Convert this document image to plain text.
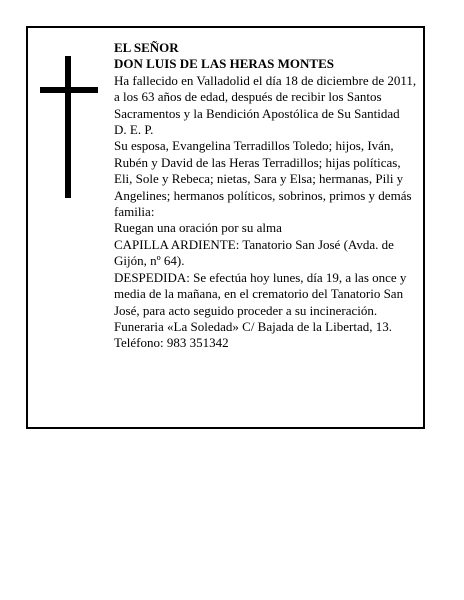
EL SEÑOR

DON LUIS DE LAS HERAS MONTES

Ha fallecido en Valladolid el día 18 de diciembre de 2011, a los 63 años de edad, después de recibir los Santos Sacramentos y la Bendición Apostólica de Su Santidad

D. E. P.

Su esposa, Evangelina Terradillos Toledo; hijos, Iván, Rubén y David de las Heras Terradillos; hijas políticas, Eli, Sole y Rebeca; nietas, Sara y Elsa; hermanas, Pili y Angelines; hermanos políticos, sobrinos, primos y demás familia:

Ruegan una oración por su alma

CAPILLA ARDIENTE: Tanatorio San José (Avda. de Gijón, nº 64).

DESPEDIDA: Se efectúa hoy lunes, día 19, a las once y media de la mañana, en el crematorio del Tanatorio San José, para acto seguido proceder a su incineración.

Funeraria «La Soledad» C/ Bajada de la Libertad, 13.

Teléfono: 983 351342
